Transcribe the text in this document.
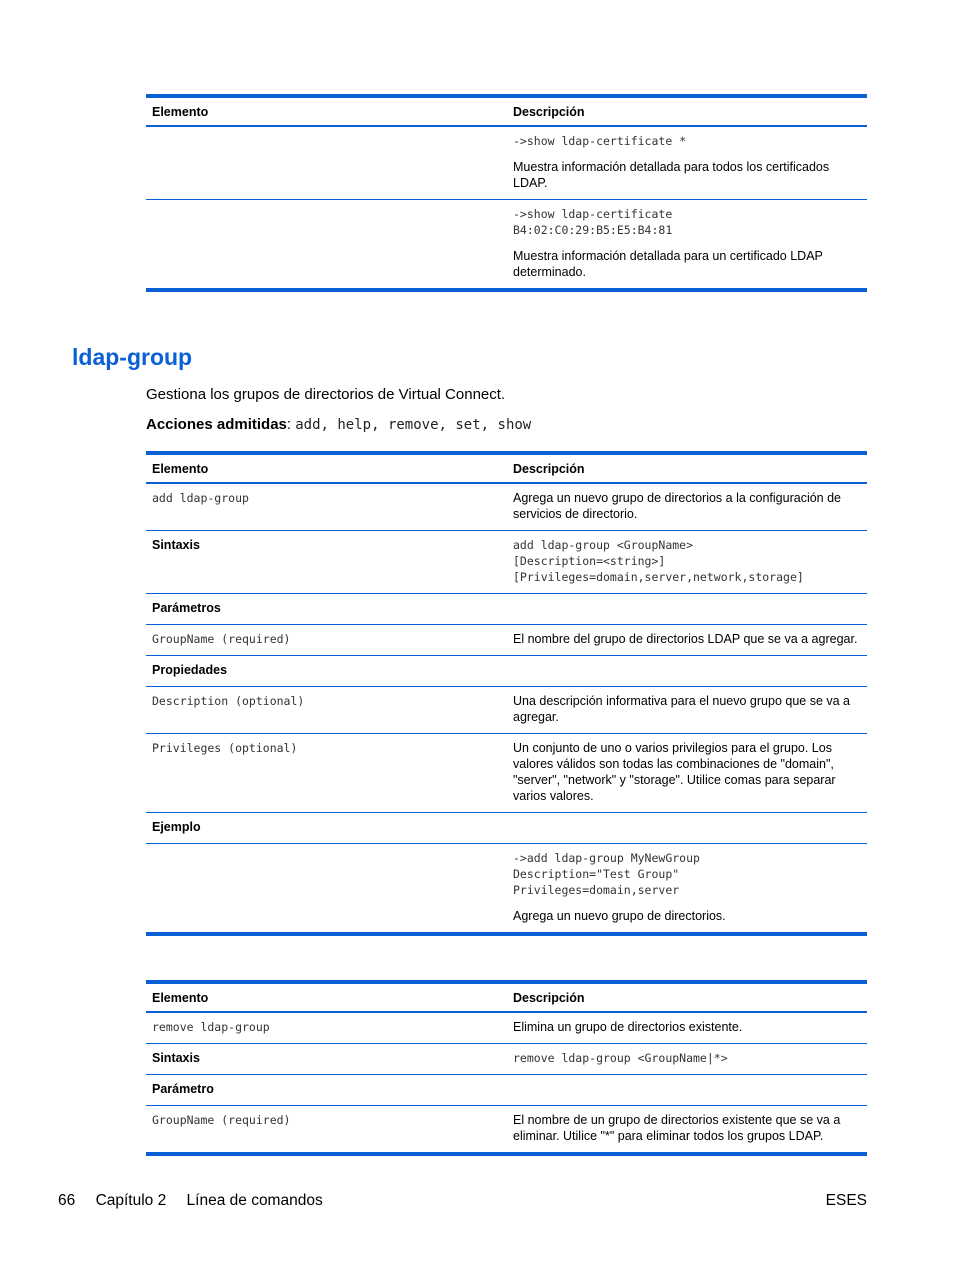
Elemento	Descripción

	->show ldap-certificate *
Muestra información detallada para todos los certificados LDAP.

	->show ldap-certificate
B4:02:C0:29:B5:E5:B4:81
Muestra información detallada para un certificado LDAP determinado.
ldap-group

Gestiona los grupos de directorios de Virtual Connect.

Acciones admitidas: add, help, remove, set, show

Elemento	Descripción
add ldap-group	Agrega un nuevo grupo de directorios a la configuración de servicios de directorio.
Sintaxis	add ldap-group <GroupName>
[Description=<string>]
[Privileges=domain,server,network,storage]
Parámetros	
GroupName (required)	El nombre del grupo de directorios LDAP que se va a agregar.
Propiedades	
Description (optional)	Una descripción informativa para el nuevo grupo que se va a agregar.
Privileges (optional)	Un conjunto de uno o varios privilegios para el grupo. Los valores válidos son todas las combinaciones de "domain", "server", "network" y "storage". Utilice comas para separar varios valores.
Ejemplo	

	->add ldap-group MyNewGroup
Description="Test Group"
Privileges=domain,server
Agrega un nuevo grupo de directorios.
Elemento	Descripción
remove ldap-group	Elimina un grupo de directorios existente.
Sintaxis	remove ldap-group <GroupName|*>
Parámetro	
GroupName (required)	El nombre de un grupo de directorios existente que se va a eliminar. Utilice "*" para eliminar todos los grupos LDAP.
66 Capítulo 2 Línea de comandos	ESES
